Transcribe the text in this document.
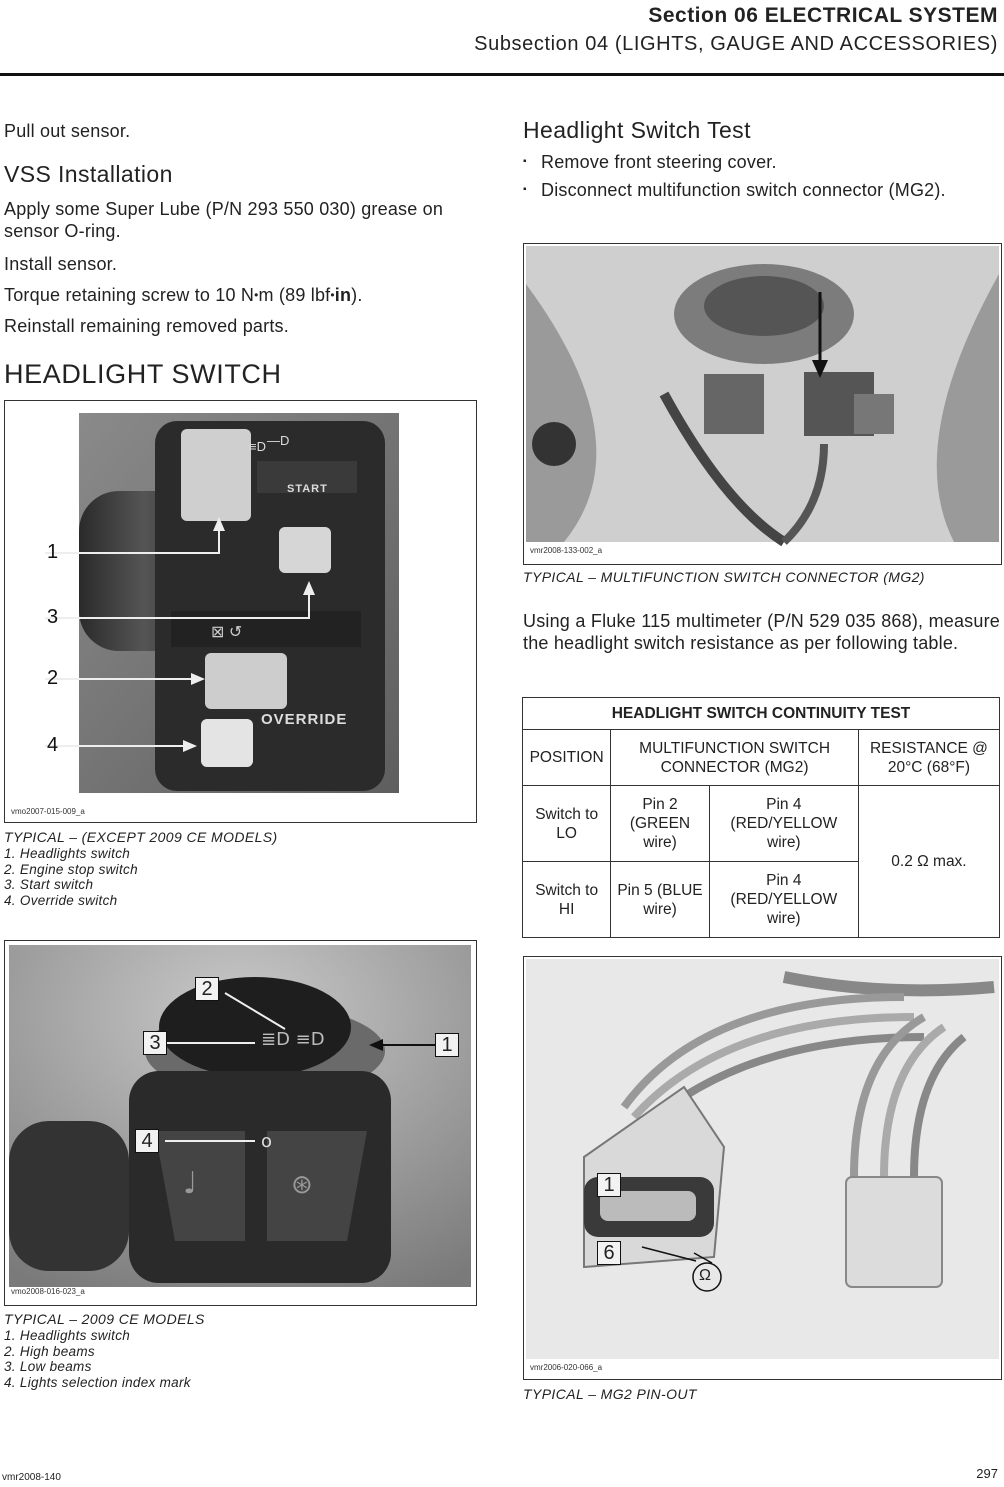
Section 06 ELECTRICAL SYSTEM
Subsection 04 (LIGHTS, GAUGE AND ACCESSORIES)
Pull out sensor.
VSS Installation
Apply some Super Lube (P/N 293 550 030) grease on sensor O-ring.
Install sensor.
Torque retaining screw to 10 N•m (89 lbf•in).
Reinstall remaining removed parts.
HEADLIGHT SWITCH
≡D —D
⊠ ↺
START
OVERRIDE
1
3
2
4
vmo2007-015-009_a
TYPICAL – (EXCEPT 2009 CE MODELS)
1. Headlights switch
2. Engine stop switch
3. Start switch
4. Override switch
♩	⊛
≣D ≡D
o
2
3	1
4
vmo2008-016-023_a
TYPICAL – 2009 CE MODELS
1. Headlights switch
2. High beams
3. Low beams
4. Lights selection index mark
Headlight Switch Test
▪ Remove front steering cover.
▪ Disconnect multifunction switch connector (MG2).
vmr2008-133-002_a
TYPICAL – MULTIFUNCTION SWITCH CONNECTOR (MG2)
Using a Fluke 115 multimeter (P/N 529 035 868), measure the headlight switch resistance as per following table.
HEADLIGHT SWITCH CONTINUITY TEST			
POSITION	MULTIFUNCTION SWITCH CONNECTOR (MG2)		RESISTANCE @ 20°C (68°F)
Switch to LO	Pin 2 (GREEN wire)	Pin 4 (RED/YELLOW wire)	0.2 Ω max.
Switch to HI	Pin 5 (BLUE wire)	Pin 4 (RED/YELLOW wire)	
1
6
Ω
vmr2006-020-066_a
TYPICAL – MG2 PIN-OUT
vmr2008-140	297
